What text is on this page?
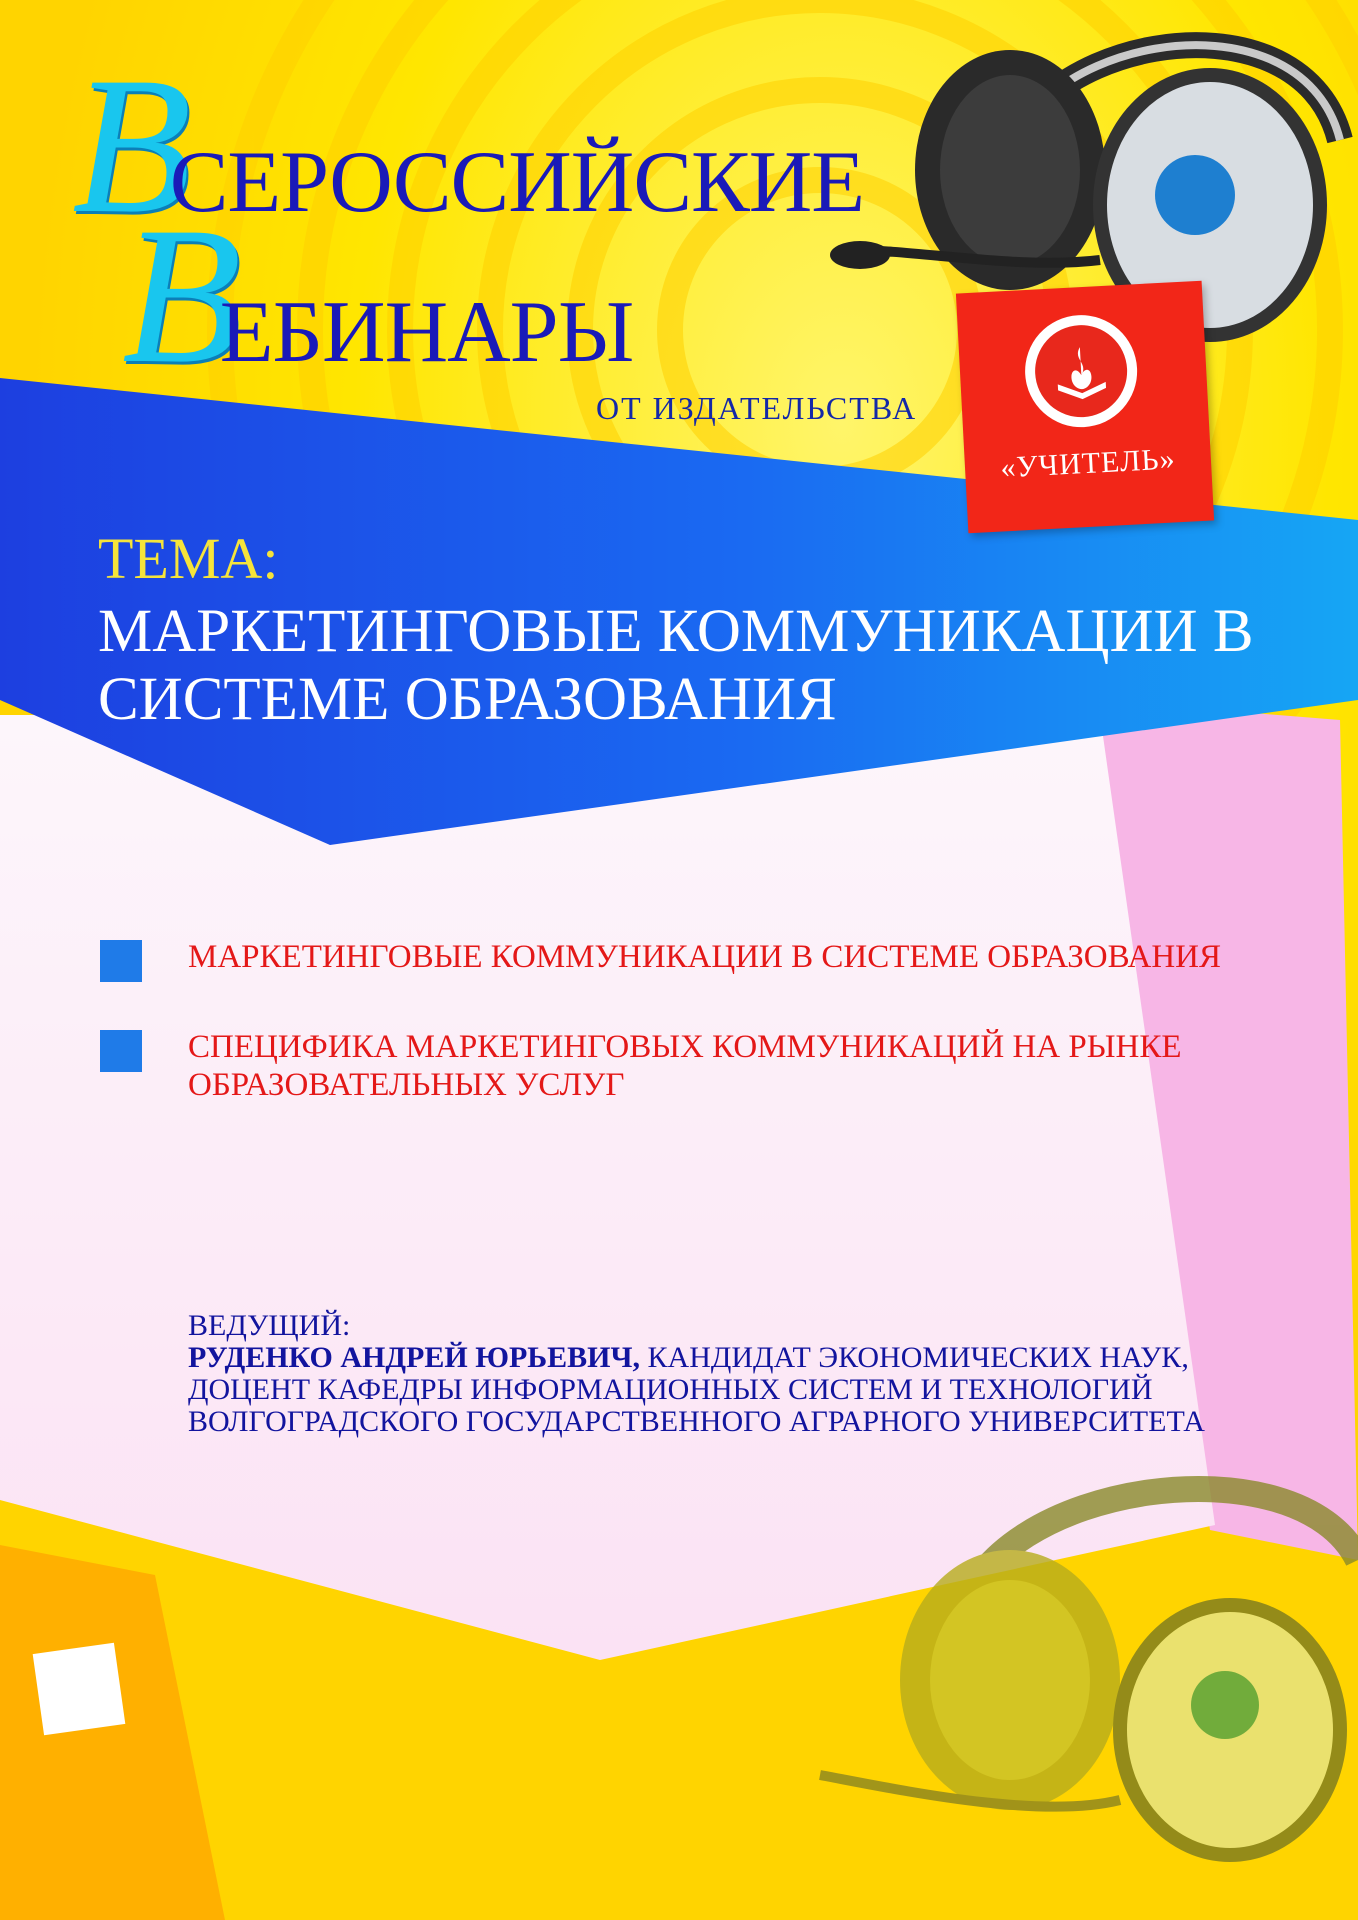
В
СЕРОССИЙСКИЕ
В
ЕБИНАРЫ
ОТ ИЗДАТЕЛЬСТВА
«УЧИТЕЛЬ»
ТЕМА:
МАРКЕТИНГОВЫЕ КОММУНИКАЦИИ В СИСТЕМЕ ОБРАЗОВАНИЯ
МАРКЕТИНГОВЫЕ КОММУНИКАЦИИ В СИСТЕМЕ ОБРАЗОВАНИЯ
СПЕЦИФИКА МАРКЕТИНГОВЫХ КОММУНИКАЦИЙ НА РЫНКЕ ОБРАЗОВАТЕЛЬНЫХ УСЛУГ
ВЕДУЩИЙ:
РУДЕНКО АНДРЕЙ ЮРЬЕВИЧ, КАНДИДАТ ЭКОНОМИЧЕСКИХ НАУК, ДОЦЕНТ КАФЕДРЫ ИНФОРМАЦИОННЫХ СИСТЕМ И ТЕХНОЛОГИЙ ВОЛГОГРАДСКОГО ГОСУДАРСТВЕННОГО АГРАРНОГО УНИВЕРСИТЕТА
